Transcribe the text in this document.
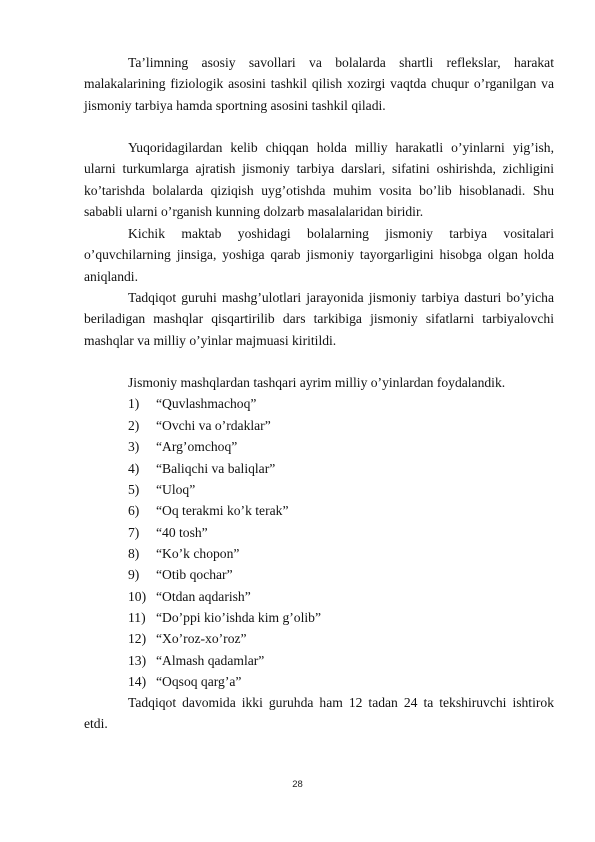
Ta’limning asosiy savollari va bolalarda shartli reflekslar, harakat malakalarining fiziologik asosini tashkil qilish xozirgi vaqtda chuqur o’rganilgan va jismoniy tarbiya hamda sportning asosini tashkil qiladi.

Yuqoridagilardan kelib chiqqan holda milliy harakatli o’yinlarni yig’ish, ularni turkumlarga ajratish jismoniy tarbiya darslari, sifatini oshirishda, zichligini ko’tarishda bolalarda qiziqish uyg’otishda muhim vosita bo’lib hisoblanadi. Shu sababli ularni o’rganish kunning dolzarb masalalaridan biridir.

Kichik maktab yoshidagi bolalarning jismoniy tarbiya vositalari o’quvchilarning jinsiga, yoshiga qarab jismoniy tayorgarligini hisobga olgan holda aniqlandi.

Tadqiqot guruhi mashg’ulotlari jarayonida jismoniy tarbiya dasturi bo’yicha beriladigan mashqlar qisqartirilib dars tarkibiga jismoniy sifatlarni tarbiyalovchi mashqlar va milliy o’yinlar majmuasi kiritildi.

Jismoniy mashqlardan tashqari ayrim milliy o’yinlardan foydalandik.

1) “Quvlashmachoq”

2) “Ovchi va o’rdaklar”

3) “Arg’omchoq”

4) “Baliqchi va baliqlar”

5) “Uloq”

6) “Oq terakmi ko’k terak”

7) “40 tosh”

8) “Ko’k chopon”

9) “Otib qochar”

10) “Otdan aqdarish”

11) “Do’ppi kio’ishda kim g’olib”

12) “Xo’roz-xo’roz”

13) “Almash qadamlar”

14) “Oqsoq qarg’a”

Tadqiqot davomida ikki guruhda ham 12 tadan 24 ta tekshiruvchi ishtirok etdi.

28
